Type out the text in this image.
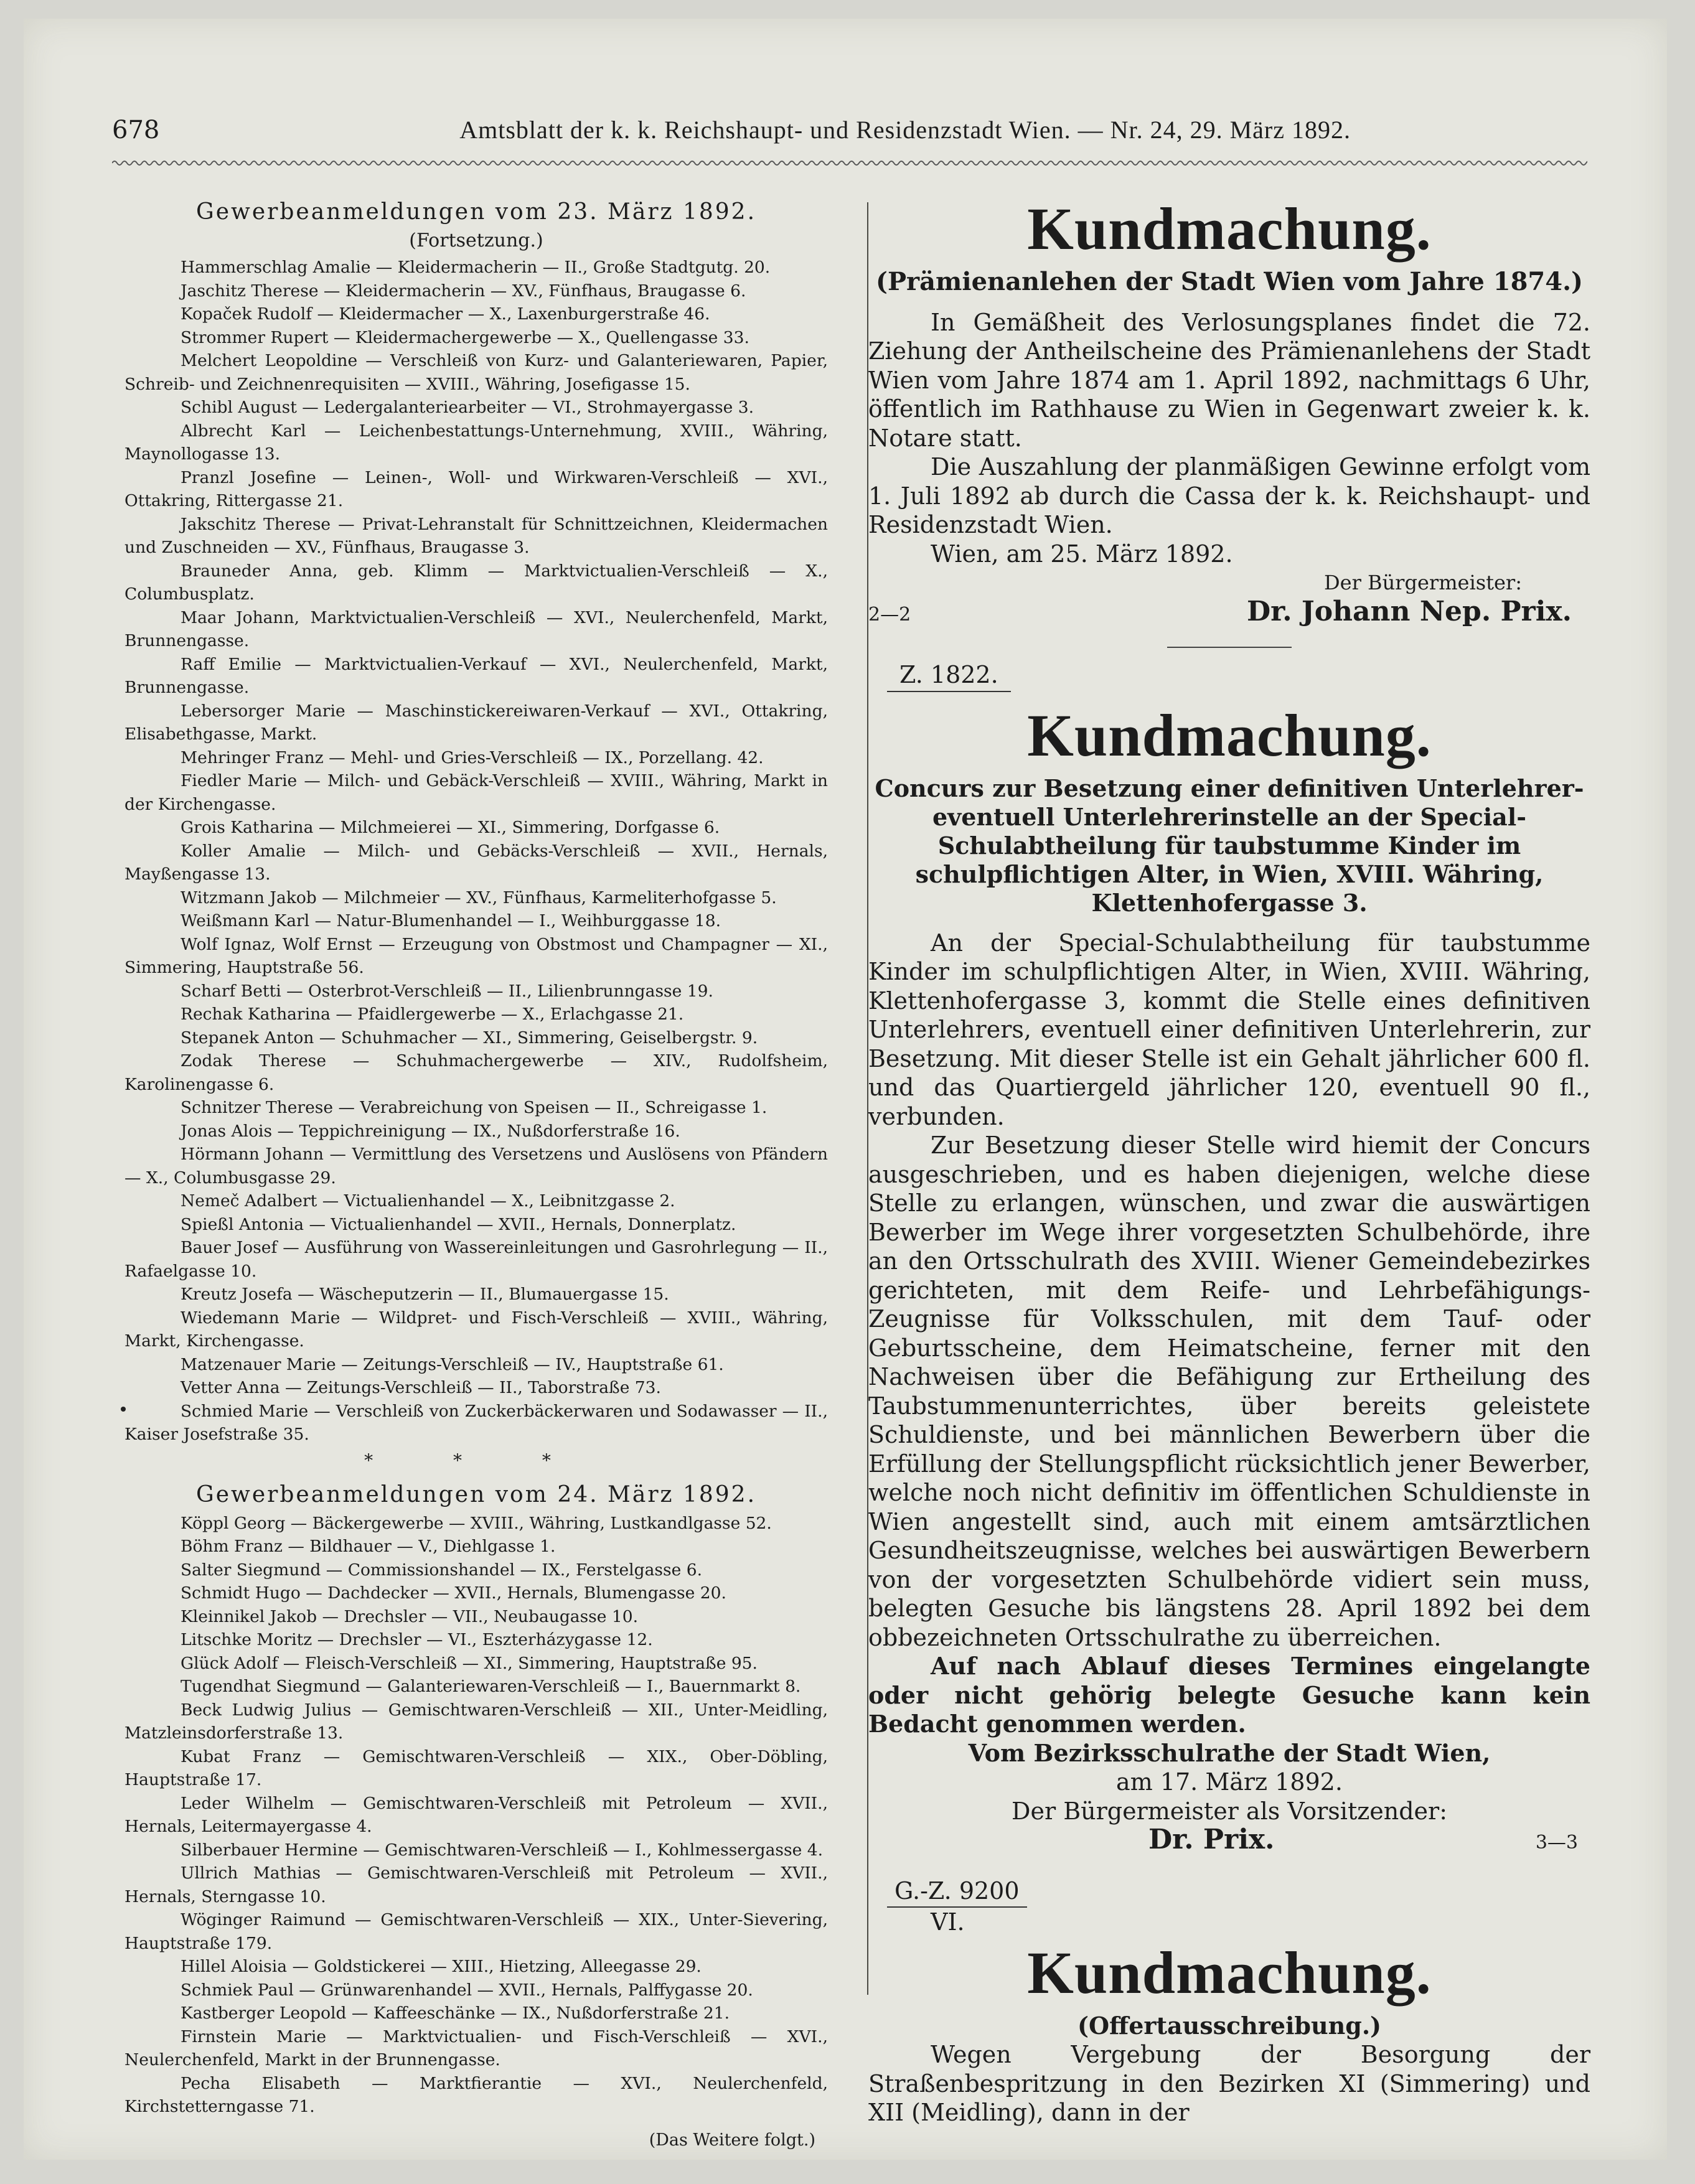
678	Amtsblatt der k. k. Reichshaupt- und Residenzstadt Wien. — Nr. 24, 29. März 1892.
Gewerbeanmeldungen vom 23. März 1892.
(Fortsetzung.)
Hammerschlag Amalie — Kleidermacherin — II., Große Stadtgutg. 20.
Jaschitz Therese — Kleidermacherin — XV., Fünfhaus, Braugasse 6.
Kopaček Rudolf — Kleidermacher — X., Laxenburgerstraße 46.
Strommer Rupert — Kleidermachergewerbe — X., Quellengasse 33.
Melchert Leopoldine — Verschleiß von Kurz- und Galanteriewaren, Papier, Schreib- und Zeichnenrequisiten — XVIII., Währing, Josefigasse 15.
Schibl August — Ledergalanteriearbeiter — VI., Strohmayergasse 3.
Albrecht Karl — Leichenbestattungs-Unternehmung, XVIII., Währing, Maynollogasse 13.
Pranzl Josefine — Leinen-, Woll- und Wirkwaren-Verschleiß — XVI., Ottakring, Rittergasse 21.
Jakschitz Therese — Privat-Lehranstalt für Schnittzeichnen, Kleidermachen und Zuschneiden — XV., Fünfhaus, Braugasse 3.
Brauneder Anna, geb. Klimm — Marktvictualien-Verschleiß — X., Columbusplatz.
Maar Johann, Marktvictualien-Verschleiß — XVI., Neulerchenfeld, Markt, Brunnengasse.
Raff Emilie — Marktvictualien-Verkauf — XVI., Neulerchenfeld, Markt, Brunnengasse.
Lebersorger Marie — Maschinstickereiwaren-Verkauf — XVI., Ottakring, Elisabethgasse, Markt.
Mehringer Franz — Mehl- und Gries-Verschleiß — IX., Porzellang. 42.
Fiedler Marie — Milch- und Gebäck-Verschleiß — XVIII., Währing, Markt in der Kirchengasse.
Grois Katharina — Milchmeierei — XI., Simmering, Dorfgasse 6.
Koller Amalie — Milch- und Gebäcks-Verschleiß — XVII., Hernals, Mayßengasse 13.
Witzmann Jakob — Milchmeier — XV., Fünfhaus, Karmeliterhofgasse 5.
Weißmann Karl — Natur-Blumenhandel — I., Weihburggasse 18.
Wolf Ignaz, Wolf Ernst — Erzeugung von Obstmost und Champagner — XI., Simmering, Hauptstraße 56.
Scharf Betti — Osterbrot-Verschleiß — II., Lilienbrunngasse 19.
Rechak Katharina — Pfaidlergewerbe — X., Erlachgasse 21.
Stepanek Anton — Schuhmacher — XI., Simmering, Geiselbergstr. 9.
Zodak Therese — Schuhmachergewerbe — XIV., Rudolfsheim, Karolinengasse 6.
Schnitzer Therese — Verabreichung von Speisen — II., Schreigasse 1.
Jonas Alois — Teppichreinigung — IX., Nußdorferstraße 16.
Hörmann Johann — Vermittlung des Versetzens und Auslösens von Pfändern — X., Columbusgasse 29.
Nemeč Adalbert — Victualienhandel — X., Leibnitzgasse 2.
Spießl Antonia — Victualienhandel — XVII., Hernals, Donnerplatz.
Bauer Josef — Ausführung von Wassereinleitungen und Gasrohrlegung — II., Rafaelgasse 10.
Kreutz Josefa — Wäscheputzerin — II., Blumauergasse 15.
Wiedemann Marie — Wildpret- und Fisch-Verschleiß — XVIII., Währing, Markt, Kirchengasse.
Matzenauer Marie — Zeitungs-Verschleiß — IV., Hauptstraße 61.
Vetter Anna — Zeitungs-Verschleiß — II., Taborstraße 73.
Schmied Marie — Verschleiß von Zuckerbäckerwaren und Sodawasser — II., Kaiser Josefstraße 35.
* * *
Gewerbeanmeldungen vom 24. März 1892.
Köppl Georg — Bäckergewerbe — XVIII., Währing, Lustkandlgasse 52.
Böhm Franz — Bildhauer — V., Diehlgasse 1.
Salter Siegmund — Commissionshandel — IX., Ferstelgasse 6.
Schmidt Hugo — Dachdecker — XVII., Hernals, Blumengasse 20.
Kleinnikel Jakob — Drechsler — VII., Neubaugasse 10.
Litschke Moritz — Drechsler — VI., Eszterházygasse 12.
Glück Adolf — Fleisch-Verschleiß — XI., Simmering, Hauptstraße 95.
Tugendhat Siegmund — Galanteriewaren-Verschleiß — I., Bauernmarkt 8.
Beck Ludwig Julius — Gemischtwaren-Verschleiß — XII., Unter-Meidling, Matzleinsdorferstraße 13.
Kubat Franz — Gemischtwaren-Verschleiß — XIX., Ober-Döbling, Hauptstraße 17.
Leder Wilhelm — Gemischtwaren-Verschleiß mit Petroleum — XVII., Hernals, Leitermayergasse 4.
Silberbauer Hermine — Gemischtwaren-Verschleiß — I., Kohlmessergasse 4.
Ullrich Mathias — Gemischtwaren-Verschleiß mit Petroleum — XVII., Hernals, Sterngasse 10.
Wöginger Raimund — Gemischtwaren-Verschleiß — XIX., Unter-Sievering, Hauptstraße 179.
Hillel Aloisia — Goldstickerei — XIII., Hietzing, Alleegasse 29.
Schmiek Paul — Grünwarenhandel — XVII., Hernals, Palffygasse 20.
Kastberger Leopold — Kaffeeschänke — IX., Nußdorferstraße 21.
Firnstein Marie — Marktvictualien- und Fisch-Verschleiß — XVI., Neulerchenfeld, Markt in der Brunnengasse.
Pecha Elisabeth — Marktfierantie — XVI., Neulerchenfeld, Kirchstetterngasse 71.
(Das Weitere folgt.)
Kundmachung.
(Prämienanlehen der Stadt Wien vom Jahre 1874.)

In Gemäßheit des Verlosungsplanes findet die 72. Ziehung der Antheilscheine des Prämienanlehens der Stadt Wien vom Jahre 1874 am 1. April 1892, nachmittags 6 Uhr, öffentlich im Rathhause zu Wien in Gegenwart zweier k. k. Notare statt.

Die Auszahlung der planmäßigen Gewinne erfolgt vom 1. Juli 1892 ab durch die Cassa der k. k. Reichshaupt- und Residenzstadt Wien.

Wien, am 25. März 1892.

Der Bürgermeister:
2—2	Dr. Johann Nep. Prix.
Z. 1822.
Kundmachung.
Concurs zur Besetzung einer definitiven Unterlehrer- eventuell Unterlehrerinstelle an der Special-Schulabtheilung für taubstumme Kinder im schulpflichtigen Alter, in Wien, XVIII. Währing, Klettenhofergasse 3.

An der Special-Schulabtheilung für taubstumme Kinder im schulpflichtigen Alter, in Wien, XVIII. Währing, Klettenhofergasse 3, kommt die Stelle eines definitiven Unterlehrers, eventuell einer definitiven Unterlehrerin, zur Besetzung. Mit dieser Stelle ist ein Gehalt jährlicher 600 fl. und das Quartiergeld jährlicher 120, eventuell 90 fl., verbunden.

Zur Besetzung dieser Stelle wird hiemit der Concurs ausgeschrieben, und es haben diejenigen, welche diese Stelle zu erlangen, wünschen, und zwar die auswärtigen Bewerber im Wege ihrer vorgesetzten Schulbehörde, ihre an den Ortsschulrath des XVIII. Wiener Gemeindebezirkes gerichteten, mit dem Reife- und Lehrbefähigungs-Zeugnisse für Volksschulen, mit dem Tauf- oder Geburtsscheine, dem Heimatscheine, ferner mit den Nachweisen über die Befähigung zur Ertheilung des Taubstummenunterrichtes, über bereits geleistete Schuldienste, und bei männlichen Bewerbern über die Erfüllung der Stellungspflicht rücksichtlich jener Bewerber, welche noch nicht definitiv im öffentlichen Schuldienste in Wien angestellt sind, auch mit einem amtsärztlichen Gesundheitszeugnisse, welches bei auswärtigen Bewerbern von der vorgesetzten Schulbehörde vidiert sein muss, belegten Gesuche bis längstens 28. April 1892 bei dem obbezeichneten Ortsschulrathe zu überreichen.

Auf nach Ablauf dieses Termines eingelangte oder nicht gehörig belegte Gesuche kann kein Bedacht genommen werden.

Vom Bezirksschulrathe der Stadt Wien,
am 17. März 1892.
Der Bürgermeister als Vorsitzender:
Dr. Prix.	3—3
G.-Z. 9200
VI.
Kundmachung.
(Offertausschreibung.)

Wegen Vergebung der Besorgung der Straßenbespritzung in den Bezirken XI (Simmering) und XII (Meidling), dann in der
